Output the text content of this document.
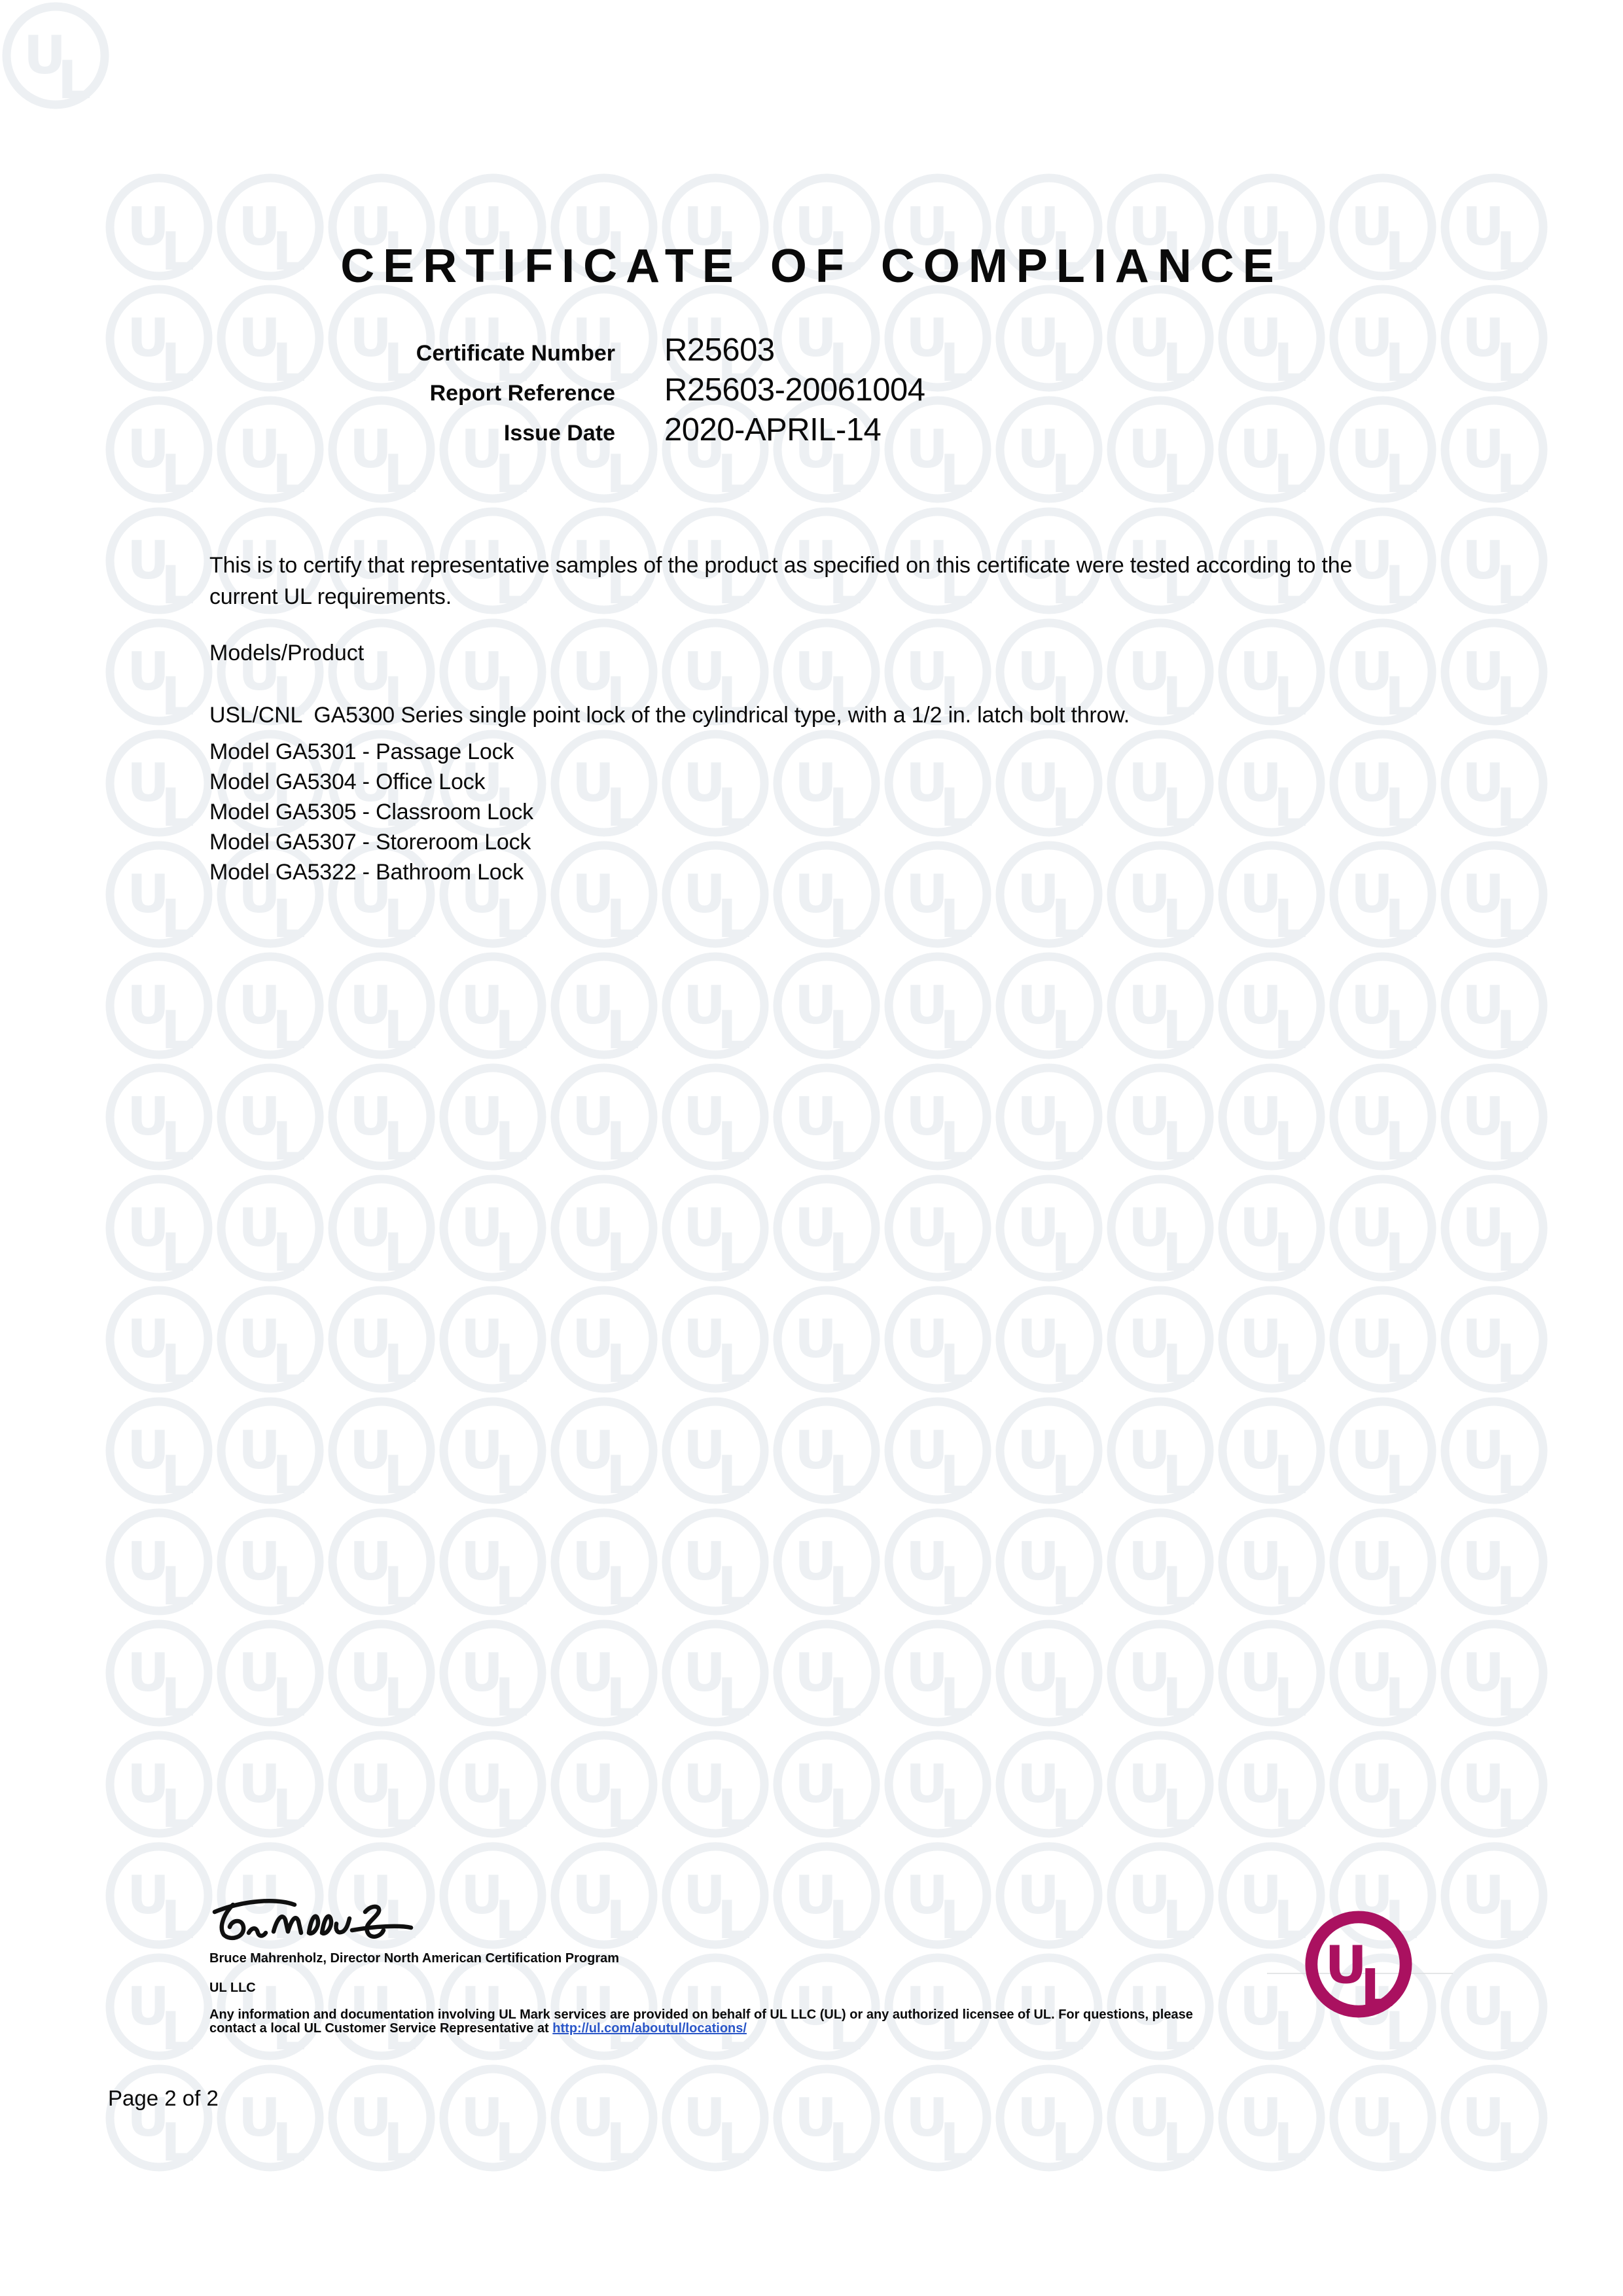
U
L
CERTIFICATE OF COMPLIANCE
Certificate Number R25603
Report Reference R25603-20061004
Issue Date 2020-APRIL-14

This is to certify that representative samples of the product as specified on this certificate were tested according to the current UL requirements.

Models/Product

USL/CNL  GA5300 Series single point lock of the cylindrical type, with a 1/2 in. latch bolt throw.

Model GA5301 - Passage Lock
Model GA5304 - Office Lock
Model GA5305 - Classroom Lock
Model GA5307 - Storeroom Lock
Model GA5322 - Bathroom Lock
Bruce Mahrenholz, Director North American Certification Program
UL LLC
Any information and documentation involving UL Mark services are provided on behalf of UL LLC (UL) or any authorized licensee of UL. For questions, please
contact a local UL Customer Service Representative at http://ul.com/aboutul/locations/
U
L
Page 2 of 2
